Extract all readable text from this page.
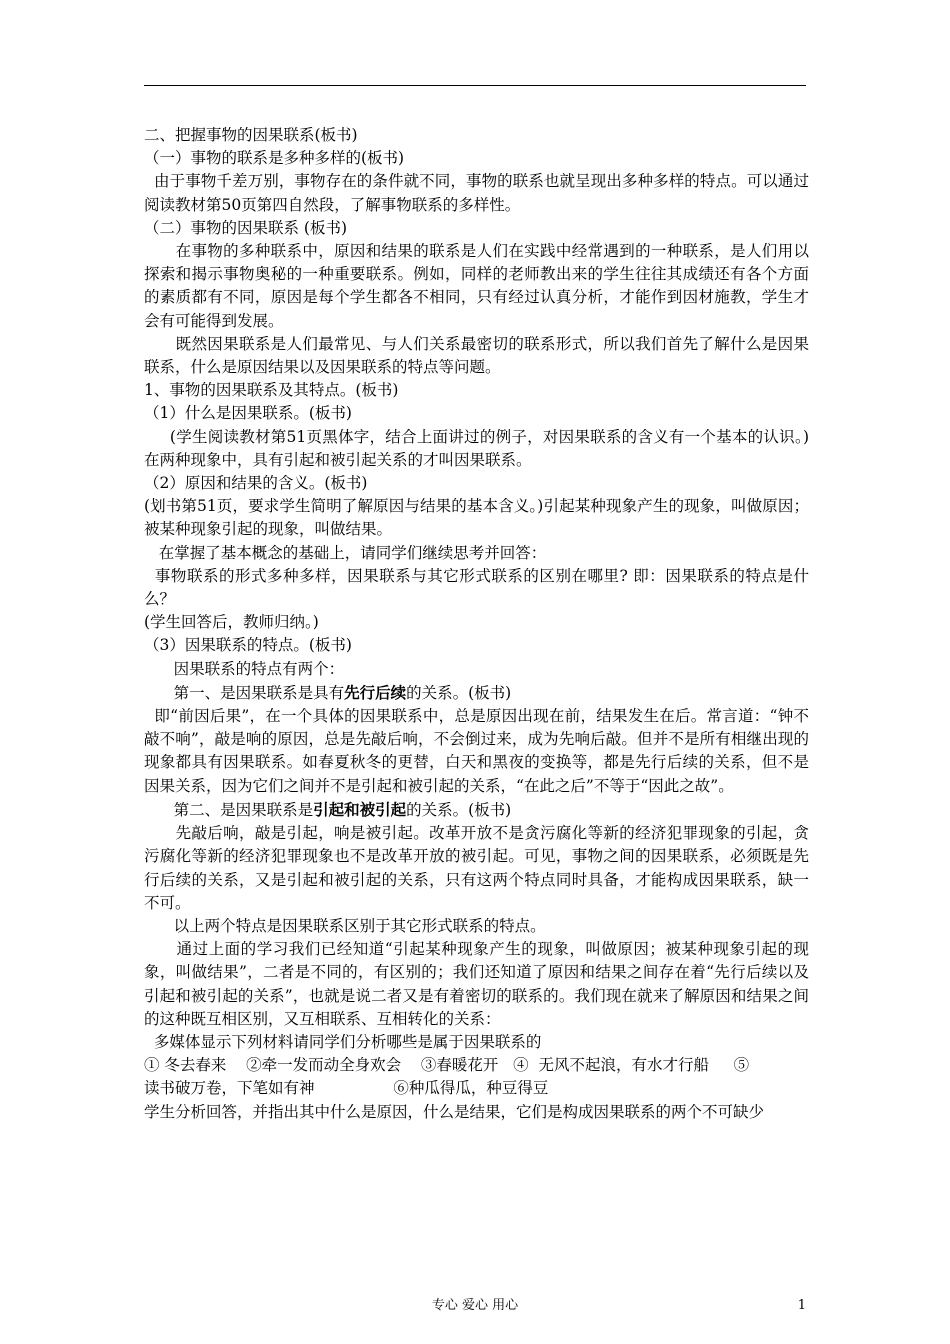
二、把握事物的因果联系(板书)

（一）事物的联系是多种多样的(板书)

由于事物千差万别，事物存在的条件就不同，事物的联系也就呈现出多种多样的特点。可以通过阅读教材第50页第四自然段，了解事物联系的多样性。

（二）事物的因果联系 (板书)

在事物的多种联系中，原因和结果的联系是人们在实践中经常遇到的一种联系，是人们用以探索和揭示事物奥秘的一种重要联系。例如，同样的老师教出来的学生往往其成绩还有各个方面的素质都有不同，原因是每个学生都各不相同，只有经过认真分析，才能作到因材施教，学生才会有可能得到发展。

既然因果联系是人们最常见、与人们关系最密切的联系形式，所以我们首先了解什么是因果联系，什么是原因结果以及因果联系的特点等问题。

1、事物的因果联系及其特点。(板书)

（1）什么是因果联系。(板书)

(学生阅读教材第51页黑体字，结合上面讲过的例子，对因果联系的含义有一个基本的认识。) 在两种现象中，具有引起和被引起关系的才叫因果联系。

（2）原因和结果的含义。(板书)

(划书第51页，要求学生简明了解原因与结果的基本含义。)引起某种现象产生的现象，叫做原因；被某种现象引起的现象，叫做结果。

在掌握了基本概念的基础上，请同学们继续思考并回答：

事物联系的形式多种多样，因果联系与其它形式联系的区别在哪里? 即：因果联系的特点是什么？

(学生回答后，教师归纳。)

（3）因果联系的特点。(板书)

因果联系的特点有两个：

第一、是因果联系是具有先行后续的关系。(板书)

即“前因后果”，在一个具体的因果联系中，总是原因出现在前，结果发生在后。常言道：“钟不敲不响”，敲是响的原因，总是先敲后响，不会倒过来，成为先响后敲。但并不是所有相继出现的现象都具有因果联系。如春夏秋冬的更替，白天和黑夜的变换等，都是先行后续的关系，但不是因果关系，因为它们之间并不是引起和被引起的关系，“在此之后”不等于“因此之故”。

第二、是因果联系是引起和被引起的关系。(板书)

先敲后响，敲是引起，响是被引起。改革开放不是贪污腐化等新的经济犯罪现象的引起，贪污腐化等新的经济犯罪现象也不是改革开放的被引起。可见，事物之间的因果联系，必须既是先行后续的关系，又是引起和被引起的关系，只有这两个特点同时具备，才能构成因果联系，缺一不可。

以上两个特点是因果联系区别于其它形式联系的特点。

通过上面的学习我们已经知道“引起某种现象产生的现象，叫做原因；被某种现象引起的现象，叫做结果”，二者是不同的，有区别的；我们还知道了原因和结果之间存在着“先行后续以及引起和被引起的关系”，也就是说二者又是有着密切的联系的。我们现在就来了解原因和结果之间的这种既互相区别，又互相联系、互相转化的关系：

多媒体显示下列材料请同学们分析哪些是属于因果联系的

① 冬去春来    ②牵一发而动全身欢会    ③春暖花开   ④  无风不起浪，有水才行船     ⑤

读书破万卷，下笔如有神                ⑥种瓜得瓜，种豆得豆

学生分析回答，并指出其中什么是原因，什么是结果，它们是构成因果联系的两个不可缺少

专心 爱心 用心	1
